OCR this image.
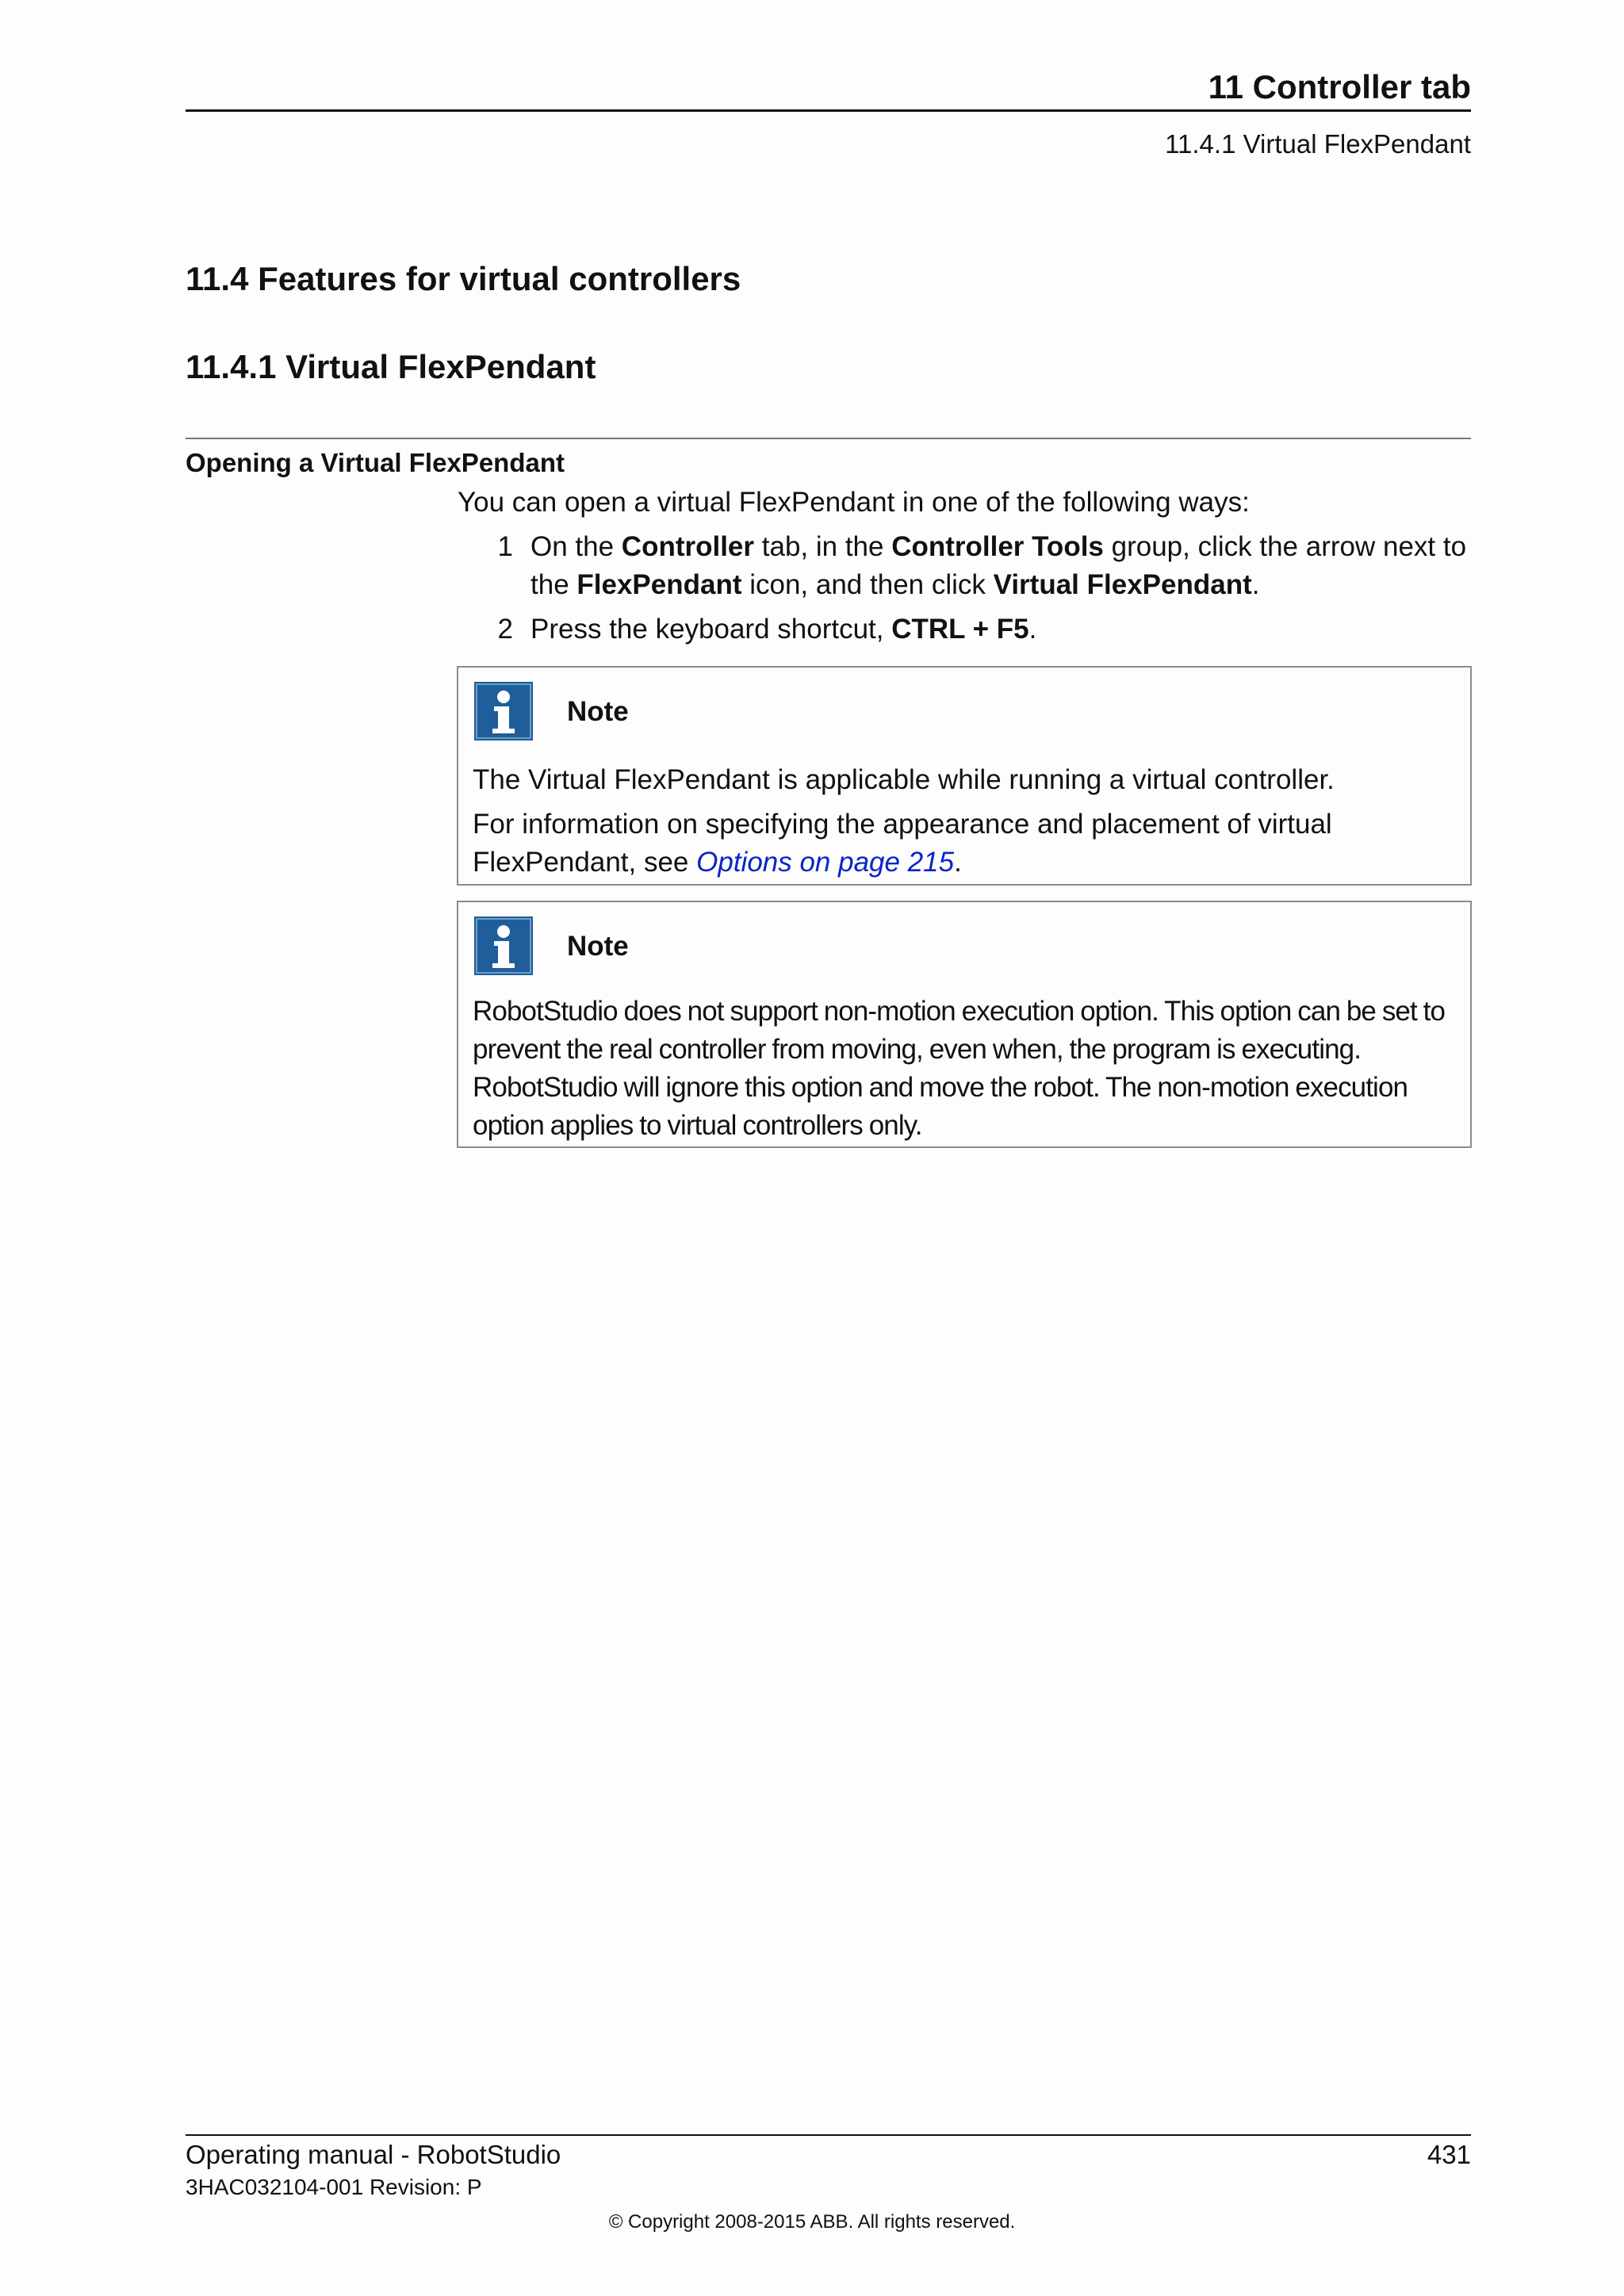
11 Controller tab
11.4.1 Virtual FlexPendant
11.4 Features for virtual controllers
11.4.1 Virtual FlexPendant
Opening a Virtual FlexPendant
You can open a virtual FlexPendant in one of the following ways:
1 On the Controller tab, in the Controller Tools group, click the arrow next to the FlexPendant icon, and then click Virtual FlexPendant.
2 Press the keyboard shortcut, CTRL + F5.
Note
The Virtual FlexPendant is applicable while running a virtual controller.
For information on specifying the appearance and placement of virtual FlexPendant, see Options on page 215.
Note
RobotStudio does not support non-motion execution option. This option can be set to prevent the real controller from moving, even when, the program is executing. RobotStudio will ignore this option and move the robot. The non-motion execution option applies to virtual controllers only.
Operating manual - RobotStudio	431
3HAC032104-001 Revision: P
© Copyright 2008-2015 ABB. All rights reserved.
